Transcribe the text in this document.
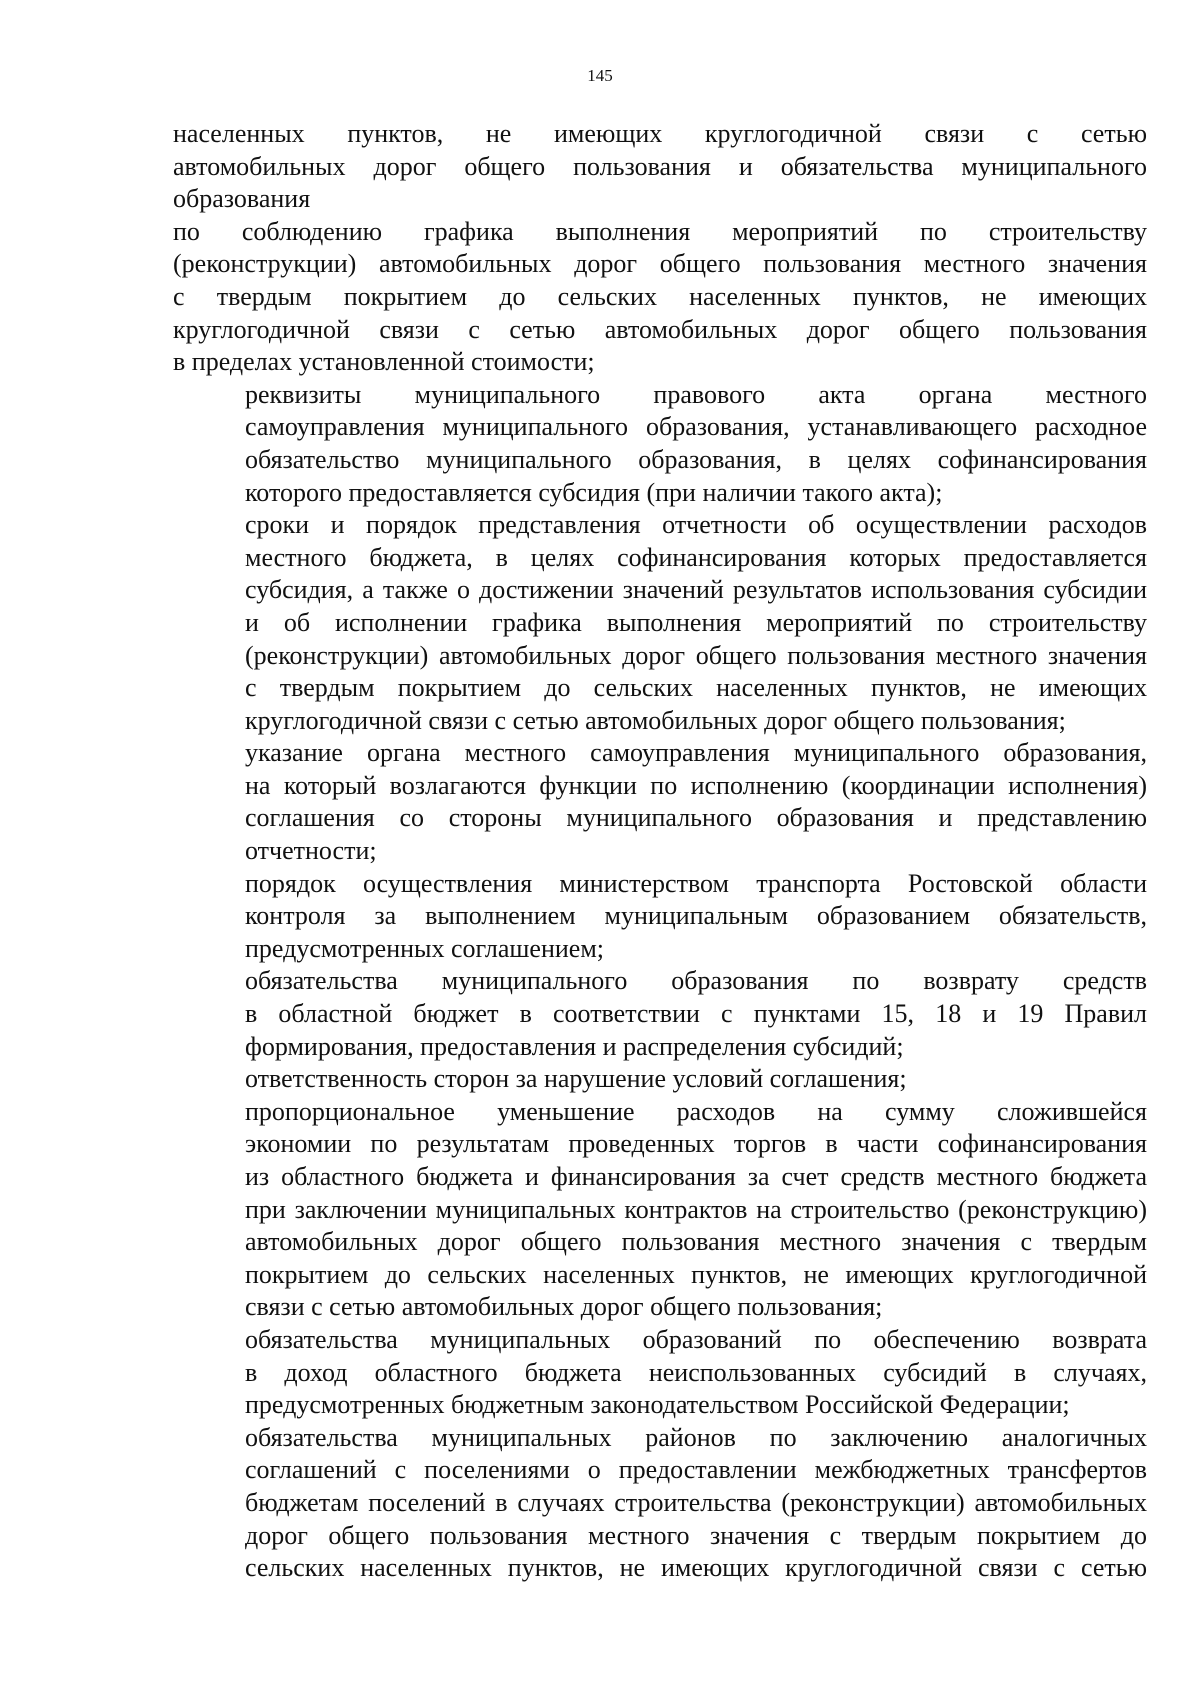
145

населенных пунктов, не имеющих круглогодичной связи с сетью
автомобильных дорог общего пользования и обязательства муниципального
образования

по соблюдению графика выполнения мероприятий по строительству
(реконструкции) автомобильных дорог общего пользования местного значения
с твердым покрытием до сельских населенных пунктов, не имеющих
круглогодичной связи с сетью автомобильных дорог общего пользования
в пределах установленной стоимости;

реквизиты муниципального правового акта органа местного
самоуправления муниципального образования, устанавливающего расходное
обязательство муниципального образования, в целях софинансирования
которого предоставляется субсидия (при наличии такого акта);

сроки и порядок представления отчетности об осуществлении расходов
местного бюджета, в целях софинансирования которых предоставляется
субсидия, а также о достижении значений результатов использования субсидии
и об исполнении графика выполнения мероприятий по строительству
(реконструкции) автомобильных дорог общего пользования местного значения
с твердым покрытием до сельских населенных пунктов, не имеющих
круглогодичной связи с сетью автомобильных дорог общего пользования;

указание органа местного самоуправления муниципального образования,
на который возлагаются функции по исполнению (координации исполнения)
соглашения со стороны муниципального образования и представлению
отчетности;

порядок осуществления министерством транспорта Ростовской области
контроля за выполнением муниципальным образованием обязательств,
предусмотренных соглашением;

обязательства муниципального образования по возврату средств
в областной бюджет в соответствии с пунктами 15, 18 и 19 Правил
формирования, предоставления и распределения субсидий;

ответственность сторон за нарушение условий соглашения;

пропорциональное уменьшение расходов на сумму сложившейся
экономии по результатам проведенных торгов в части софинансирования
из областного бюджета и финансирования за счет средств местного бюджета
при заключении муниципальных контрактов на строительство (реконструкцию)
автомобильных дорог общего пользования местного значения с твердым
покрытием до сельских населенных пунктов, не имеющих круглогодичной
связи с сетью автомобильных дорог общего пользования;

обязательства муниципальных образований по обеспечению возврата
в доход областного бюджета неиспользованных субсидий в случаях,
предусмотренных бюджетным законодательством Российской Федерации;

обязательства муниципальных районов по заключению аналогичных
соглашений с поселениями о предоставлении межбюджетных трансфертов
бюджетам поселений в случаях строительства (реконструкции) автомобильных
дорог общего пользования местного значения с твердым покрытием до
сельских населенных пунктов, не имеющих круглогодичной связи с сетью
